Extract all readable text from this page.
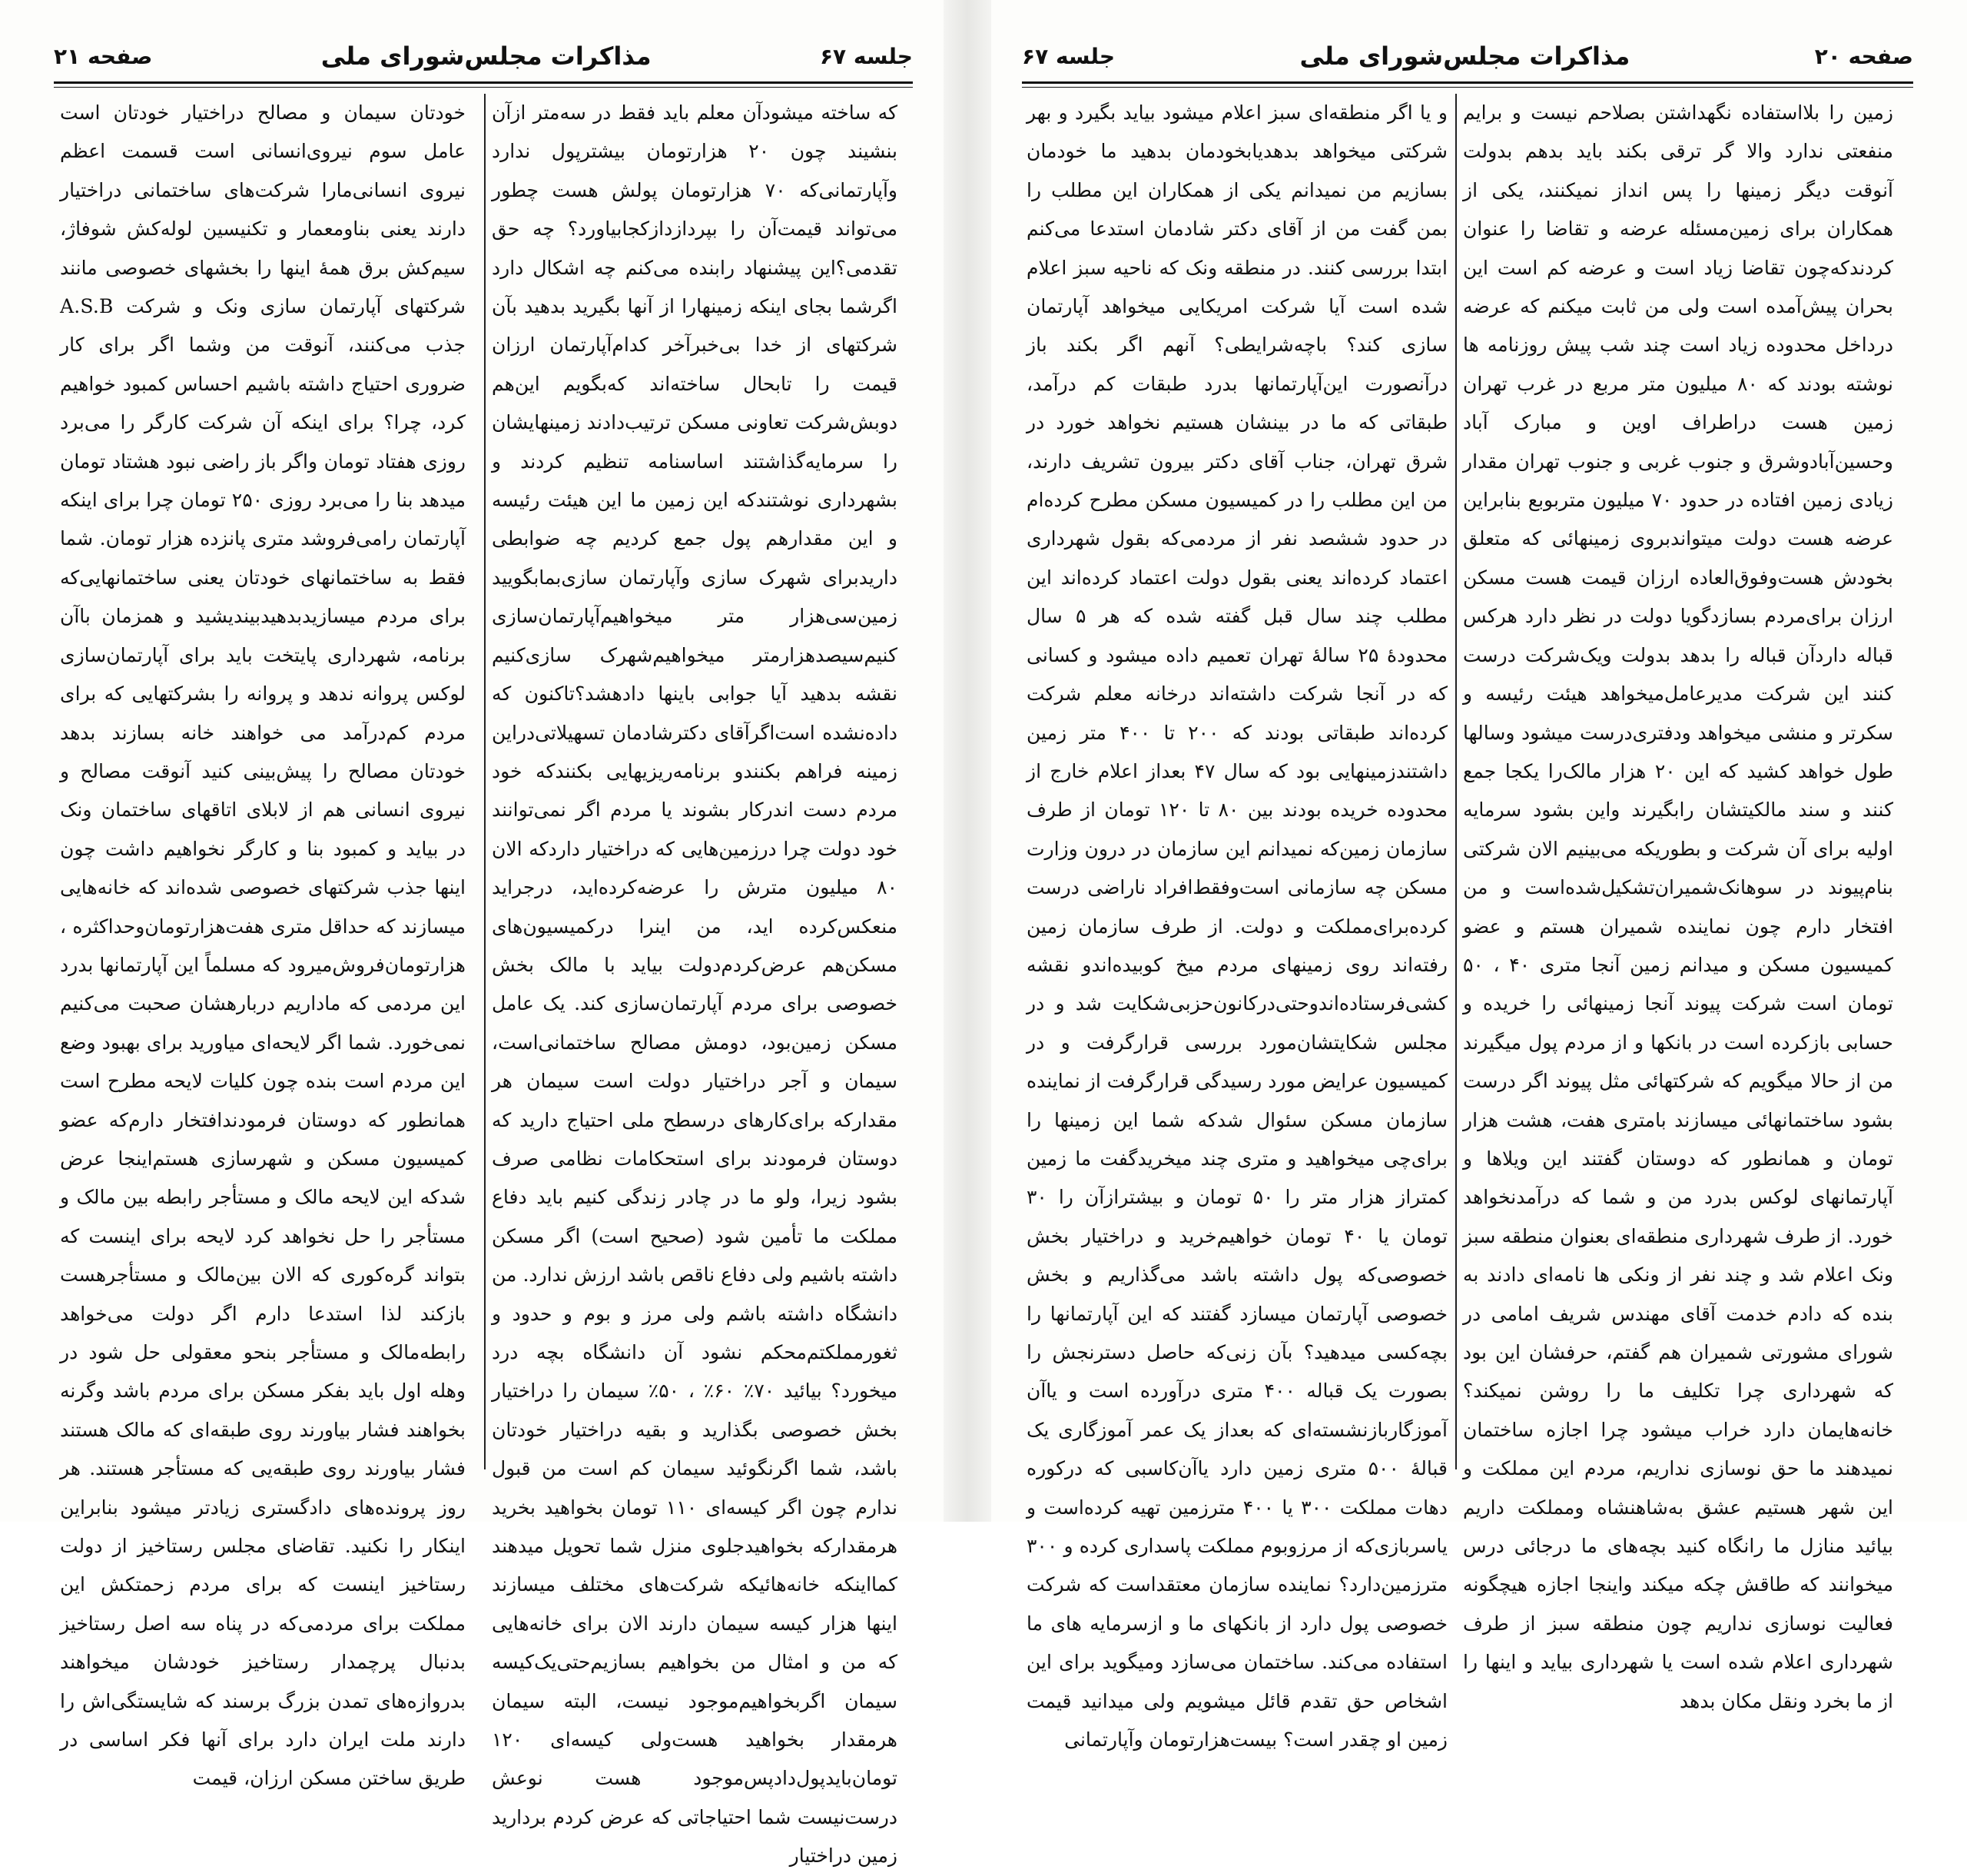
جلسه ۶۷
مذاکرات مجلس‌شورای ملی
صفحه ۲۱

که ساخته میشودآن معلم باید فقط در سه‌متر ازآن بنشیند چون ۲۰ هزارتومان بیشترپول ندارد وآپارتمانی‌که ۷۰ هزارتومان پولش هست چطور می‌تواند قیمت‌آن را بپردازد‌از‌کجابیاورد؟ چه حق تقدمی؟این پیشنهاد رابنده می‌کنم چه اشکال دارد اگرشما بجای اینکه زمینهارا از آنها بگیرید بدهید بآن شرکتهای از خدا بی‌خبرآخر کدام‌آپارتمان ارزان قیمت را تابحال ساخته‌اند که‌بگویم این‌هم دوبش‌شرکت تعاونی مسکن ترتیب‌دادند زمینهایشان را سرمایه‌گذاشتند اساسنامه تنظیم کردند و بشهرداری نوشتند‌که این زمین ما این هیئت رئیسه و این مقدارهم پول جمع کردیم چه ضوابطی داریدبرای شهرک سازی وآپارتمان سازی‌بمابگویید زمین‌سی‌هزار متر میخواهیم‌آپارتمان‌سازی کنیم‌سیصدهزارمتر میخواهیم‌شهرک سازی‌کنیم نقشه بدهید آیا جوابی باینها دادهشد؟تاکنون که داده‌نشده است‌اگرآقای دکترشادمان تسهیلاتی‌دراین زمینه فراهم بکنندو برنامه‌ریزیهایی بکنند‌که خود مردم دست اندرکار بشوند یا مردم اگر نمی‌توانند خود دولت چرا درزمین‌هایی که دراختیار داردکه الان ۸۰ میلیون مترش را عرضه‌کرده‌اید، درجراید منعکس‌کرده اید، من اینرا درکمیسیون‌های مسکن‌هم عرض‌کردم‌دولت بیاید با مالک بخش خصوصی برای مردم آپارتمان‌سازی کند. یک عامل مسکن زمین‌بود، دومش مصالح ساختمانی‌است، سیمان و آجر دراختیار دولت است سیمان هر مقدارکه برای‌کارهای درسطح ملی احتیاج دارید که دوستان فرمودند برای استحکامات نظامی صرف بشود زیرا، ولو ما در چادر زندگی کنیم باید دفاع مملکت ما تأمین شود (صحیح است) اگر مسکن داشته باشیم ولی دفاع ناقص باشد ارزش ندارد. من دانشگاه داشته باشم ولی مرز و بوم و حدود و ثغورمملکتم‌محکم نشود آن دانشگاه بچه درد میخورد؟ بیائید ۷۰٪ ۶۰٪ ، ۵۰٪ سیمان را دراختیار بخش خصوصی بگذارید و بقیه دراختیار خودتان باشد، شما اگرنگوئید سیمان کم است من قبول ندارم چون اگر کیسه‌ای ۱۱۰ تومان بخواهید بخرید هرمقدار‌که بخواهیدجلوی منزل شما تحویل میدهند کمااینکه خانه‌هائیکه شرکت‌های مختلف میسازند اینها هزار کیسه سیمان دارند الان برای خانه‌هایی که من و امثال من بخواهیم بسازیم‌حتی‌یک‌کیسه سیمان اگربخواهیم‌موجود نیست، البته سیمان هرمقدار بخواهید هست‌ولی کیسه‌ای ۱۲۰ تومان‌بایدپول‌داد‌پس‌موجود هست نوعش درست‌نیست شما احتیاجاتی که عرض کردم بردارید زمین دراختیار

خودتان سیمان و مصالح دراختیار خودتان است عامل سوم نیروی‌انسانی است قسمت اعظم نیروی انسانی‌ما‌را شرکت‌های ساختمانی دراختیار دارند یعنی بنا‌ومعمار و تکنیسین لوله‌کش شوفاژ، سیم‌کش برق همهٔ اینها را بخشهای خصوصی مانند شرکتهای آپارتمان سازی ونک و شرکت A.S.B جذب می‌کنند، آنوقت من وشما اگر برای کار ضروری احتیاج داشته باشیم احساس کمبود خواهیم کرد، چرا؟ برای اینکه آن شرکت کارگر را می‌برد روزی هفتاد تومان واگر باز راضی نبود هشتاد تومان میدهد بنا را می‌برد روزی ۲۵۰ تومان چرا برای اینکه آپارتمان رامی‌فروشد متری پانزده هزار تومان. شما فقط به ساختمانهای خودتان یعنی ساختمانهایی‌که برای مردم میسازید‌بدهید‌بیندیشید و همزمان باآن برنامه، شهرداری پایتخت باید برای آپارتمان‌سازی لوکس پروانه ندهد و پروانه را بشرکتهایی که برای مردم کم‌درآمد می خواهند خانه بسازند بدهد خودتان مصالح را پیش‌بینی کنید آنوقت مصالح و نیروی انسانی هم از لابلای اتاقهای ساختمان ونک در بیاید و کمبود بنا و کارگر نخواهیم داشت چون اینها جذب شرکتهای خصوصی شده‌اند که خانه‌هایی میسازند که حداقل متری هفت‌هزارتومان‌وحداکثره ، هزارتومان‌فروش‌میرود که مسلماً این آپارتمانها بدرد این مردمی که ماداریم دربارهشان صحبت می‌کنیم نمی‌خورد. شما اگر لایحه‌ای میاورید برای بهبود وضع این مردم است بنده چون کلیات لایحه مطرح است همانطور که دوستان فرمودندافتخار دارم‌که عضو کمیسیون مسکن و شهرسازی هستم‌اینجا عرض شدکه این لایحه مالک و مستأجر رابطه بین مالک و مستأجر را حل نخواهد کرد لایحه برای اینست که بتواند گره‌کوری که الان بین‌مالک و مستأجرهست باز‌کند لذا استدعا دارم اگر دولت می‌خواهد رابطه‌مالک و مستأجر بنحو معقولی حل شود در وهله اول باید بفکر مسکن برای مردم باشد وگرنه بخواهند فشار بیاورند روی طبقه‌ای که مالک هستند فشار بیاورند روی طبقه‌یی که مستأجر هستند. هر روز پرونده‌های دادگستری زیادتر میشود بنابراین اینکار را نکنید. تقاضای مجلس رستاخیز از دولت رستاخیز اینست که برای مردم زحمتکش این مملکت برای مردمی‌که در پناه سه اصل رستاخیز بدنبال پرچمدار رستاخیز خودشان میخواهند بدروازه‌های تمدن بزرگ برسند که شایستگی‌اش را دارند ملت ایران دارد برای آنها فکر اساسی در طریق ساختن مسکن ارزان، قیمت

صفحه ۲۰
مذاکرات مجلس‌شورای ملی
جلسه ۶۷

زمین را بلااستفاده نگهداشتن بصلاحم نیست و برایم منفعتی ندارد والا گر ترقی بکند باید بدهم بدولت آنوقت دیگر زمینها را پس انداز نمیکنند، یکی از همکاران برای زمین‌مسئله عرضه و تقاضا را عنوان کردند‌که‌چون تقاضا زیاد است و عرضه کم است این بحران پیش‌آمده است ولی من ثابت میکنم که عرضه درداخل محدوده زیاد است چند شب پیش روزنامه ها نوشته بودند که ۸۰ میلیون متر مربع در غرب تهران زمین هست دراطراف اوین و مبارک آباد وحسین‌آبادوشرق و جنوب غربی و جنوب تهران مقدار زیادی زمین افتاده در حدود ۷۰ میلیون متربوبع بنابراین عرضه هست دولت میتواندبروی زمینهائی که متعلق بخودش هست‌وفوق‌العاده ارزان قیمت هست مسکن ارزان برای‌مردم بسازد‌گویا دولت در نظر دارد هرکس قباله داردآن قباله را بدهد بدولت ویک‌شرکت درست کنند این شرکت مدیرعامل‌میخواهد هیئت رئیسه و سکرتر و منشی میخواهد ودفتری‌درست میشود وسالها طول خواهد کشید که این ۲۰ هزار مالک‌را یکجا جمع کنند و سند مالکیتشان رابگیرند واین بشود سرمایه اولیه برای آن شرکت و بطوریکه می‌بینیم الان شرکتی بنام‌پیوند در سوهانک‌شمیران‌تشکیل‌شده‌است و من افتخار دارم چون نماینده شمیران هستم و عضو کمیسیون مسکن و میدانم زمین آنجا متری ۴۰ ، ۵۰ تومان است شرکت پیوند آنجا زمینهائی را خریده و حسابی بازکرده است در بانکها و از مردم پول میگیرند من از حالا میگویم که شرکتهائی مثل پیوند اگر درست بشود ساختمانهائی میسازند بامتری هفت، هشت هزار تومان و همانطور که دوستان گفتند این ویلاها و آپارتمانهای لوکس بدرد من و شما که درآمدنخواهد خورد. از طرف شهرداری منطقه‌ای بعنوان منطقه سبز ونک اعلام شد و چند نفر از ونکی ها نامه‌ای دادند به بنده که دادم خدمت آقای مهندس شریف امامی در شورای مشورتی شمیران هم گفتم، حرفشان این بود که شهرداری چرا تکلیف ما را روشن نمیکند؟ خانه‌هایمان دارد خراب میشود چرا اجازه ساختمان نمیدهند ما حق نوسازی نداریم، مردم این مملکت و این شهر هستیم عشق به‌شاهنشاه ومملکت داریم بیائید منازل ما رانگاه کنید بچه‌های ما درجائی درس میخوانند که طاقش چکه میکند واینجا اجازه هیچگونه فعالیت نوسازی نداریم چون منطقه سبز از طرف شهرداری اعلام شده است یا شهرداری بیاید و اینها را از ما بخرد ونقل مکان بدهد

و یا اگر منطقه‌ای سبز اعلام میشود بیاید بگیرد و بهر شرکتی میخواهد بدهد‌یابخودمان بدهید ما خودمان بسازیم من نمیدانم یکی از همکاران این مطلب را بمن گفت من از آقای دکتر شادمان استدعا می‌کنم ابتدا بررسی کنند. در منطقه ونک که ناحیه سبز اعلام شده است آیا شرکت امریکایی میخواهد آپارتمان سازی کند؟ باچه‌شرایطی؟ آنهم اگر بکند باز درآنصورت این‌آپارتمانها بدرد طبقات کم درآمد، طبقاتی که ما در بینشان هستیم نخواهد خورد در شرق تهران، جناب آقای دکتر بیرون تشریف دارند، من این مطلب را در کمیسیون مسکن مطرح کرده‌ام در حدود ششصد نفر از مردمی‌که بقول شهرداری اعتماد کرده‌اند یعنی بقول دولت اعتماد کرده‌اند این مطلب چند سال قبل گفته شده که هر ۵ سال محدودهٔ ۲۵ سالهٔ تهران تعمیم داده میشود و کسانی که در آنجا شرکت داشته‌اند درخانه معلم شرکت کرده‌اند طبقاتی بودند که ۲۰۰ تا ۴۰۰ متر زمین داشتندزمینهایی بود که سال ۴۷ بعداز اعلام خارج از محدوده خریده بودند بین ۸۰ تا ۱۲۰ تومان از طرف سازمان زمین‌که نمیدانم این سازمان در درون وزارت مسکن چه سازمانی است‌وفقط‌افراد ناراضی درست کرده‌برای‌مملکت و دولت. از طرف سازمان زمین رفته‌اند روی زمینهای مردم میخ کوبیده‌اندو نقشه کشی‌فرستاده‌اندوحتی‌درکانون‌حزبی‌شکایت شد و در مجلس شکایتشان‌مورد بررسی قرارگرفت و در کمیسیون عرایض مورد رسیدگی قرارگرفت از نماینده سازمان مسکن سئوال شدکه شما این زمینها را برای‌چی میخواهید و متری چند میخرید‌گفت ما زمین کمتراز هزار متر را ۵۰ تومان و بیشتراز‌آن را ۳۰ تومان یا ۴۰ تومان خواهیم‌خرید و دراختیار بخش خصوصی‌که پول داشته باشد می‌گذاریم و بخش خصوصی آپارتمان میسازد گفتند که این آپارتمانها را بچه‌کسی میدهید؟ بآن زنی‌که حاصل دسترنجش را بصورت یک قباله ۴۰۰ متری درآورده است و یاآن آموزگاربازنشسته‌ای که بعداز یک عمر آموزگاری یک قبالهٔ ۵۰۰ متری زمین دارد یاآن‌کاسبی که درکوره دهات مملکت ۳۰۰ یا ۴۰۰ مترزمین تهیه کرده‌است و یاسربازی‌که از مرزوبوم مملکت پاسداری کرده و ۳۰۰ مترزمین‌دارد؟ نماینده سازمان معتقداست که شرکت خصوصی پول دارد از بانکهای ما و ازسرمایه های ما استفاده می‌کند. ساختمان می‌سازد ومیگوید برای این اشخاص حق تقدم قائل میشویم ولی میدانید قیمت زمین او چقدر است؟ بیست‌هزارتومان وآپارتمانی
